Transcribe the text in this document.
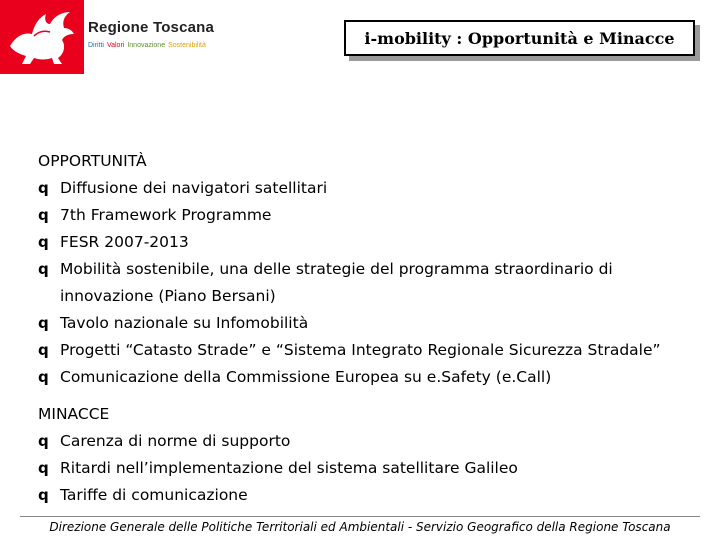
Regione Toscana
Diritti Valori Innovazione Sostenibilità	i-mobility : Opportunità e Minacce
OPPORTUNITÀ
q Diffusione dei navigatori satellitari
q 7th Framework Programme
q FESR 2007-2013
q Mobilità sostenibile, una delle strategie del programma straordinario di innovazione (Piano Bersani)
q Tavolo nazionale su Infomobilità
q Progetti “Catasto Strade” e “Sistema Integrato Regionale Sicurezza Stradale”
q Comunicazione della Commissione Europea su e.Safety (e.Call)
MINACCE
q Carenza di norme di supporto
q Ritardi nell’implementazione del sistema satellitare Galileo
q Tariffe di comunicazione
Direzione Generale delle Politiche Territoriali ed Ambientali - Servizio Geografico della Regione Toscana
